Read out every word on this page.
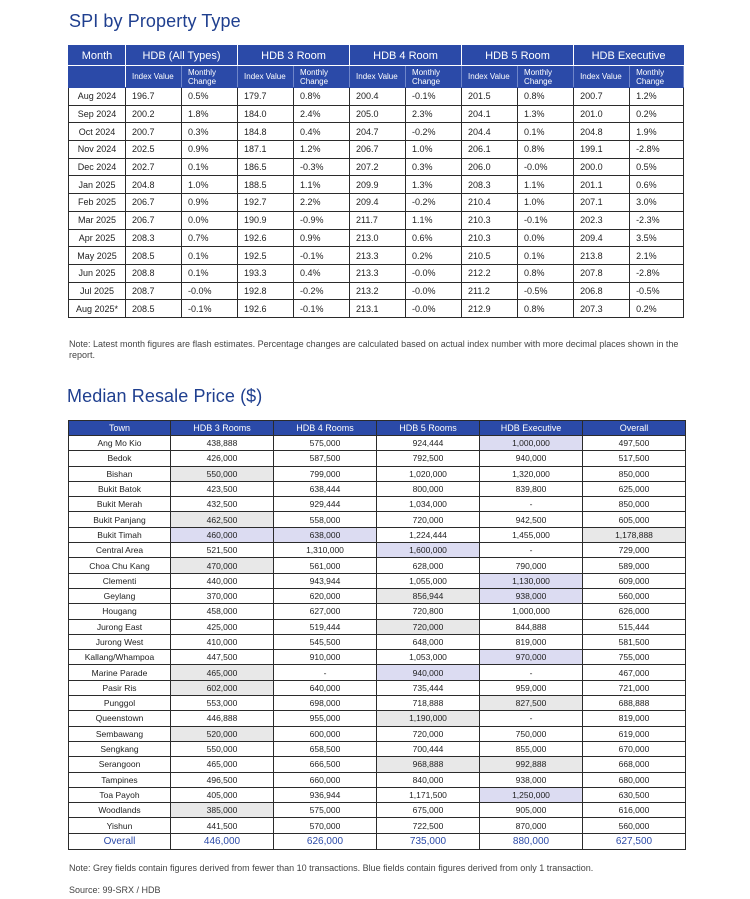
SPI by Property Type
Month	HDB (All Types)		HDB 3 Room		HDB 4 Room		HDB 5 Room		HDB Executive	
	Index Value	Monthly Change	Index Value	Monthly Change	Index Value	Monthly Change	Index Value	Monthly Change	Index Value	Monthly Change
Aug 2024	196.7	0.5%	179.7	0.8%	200.4	-0.1%	201.5	0.8%	200.7	1.2%
Sep 2024	200.2	1.8%	184.0	2.4%	205.0	2.3%	204.1	1.3%	201.0	0.2%
Oct 2024	200.7	0.3%	184.8	0.4%	204.7	-0.2%	204.4	0.1%	204.8	1.9%
Nov 2024	202.5	0.9%	187.1	1.2%	206.7	1.0%	206.1	0.8%	199.1	-2.8%
Dec 2024	202.7	0.1%	186.5	-0.3%	207.2	0.3%	206.0	-0.0%	200.0	0.5%
Jan 2025	204.8	1.0%	188.5	1.1%	209.9	1.3%	208.3	1.1%	201.1	0.6%
Feb 2025	206.7	0.9%	192.7	2.2%	209.4	-0.2%	210.4	1.0%	207.1	3.0%
Mar 2025	206.7	0.0%	190.9	-0.9%	211.7	1.1%	210.3	-0.1%	202.3	-2.3%
Apr 2025	208.3	0.7%	192.6	0.9%	213.0	0.6%	210.3	0.0%	209.4	3.5%
May 2025	208.5	0.1%	192.5	-0.1%	213.3	0.2%	210.5	0.1%	213.8	2.1%
Jun 2025	208.8	0.1%	193.3	0.4%	213.3	-0.0%	212.2	0.8%	207.8	-2.8%
Jul 2025	208.7	-0.0%	192.8	-0.2%	213.2	-0.0%	211.2	-0.5%	206.8	-0.5%
Aug 2025*	208.5	-0.1%	192.6	-0.1%	213.1	-0.0%	212.9	0.8%	207.3	0.2%

Note: Latest month figures are flash estimates. Percentage changes are calculated based on actual index number with more decimal places shown in the report.

Median Resale Price ($)
Town	HDB 3 Rooms	HDB 4 Rooms	HDB 5 Rooms	HDB Executive	Overall
Ang Mo Kio	438,888	575,000	924,444	1,000,000	497,500
Bedok	426,000	587,500	792,500	940,000	517,500
Bishan	550,000	799,000	1,020,000	1,320,000	850,000
Bukit Batok	423,500	638,444	800,000	839,800	625,000
Bukit Merah	432,500	929,444	1,034,000	-	850,000
Bukit Panjang	462,500	558,000	720,000	942,500	605,000
Bukit Timah	460,000	638,000	1,224,444	1,455,000	1,178,888
Central Area	521,500	1,310,000	1,600,000	-	729,000
Choa Chu Kang	470,000	561,000	628,000	790,000	589,000
Clementi	440,000	943,944	1,055,000	1,130,000	609,000
Geylang	370,000	620,000	856,944	938,000	560,000
Hougang	458,000	627,000	720,800	1,000,000	626,000
Jurong East	425,000	519,444	720,000	844,888	515,444
Jurong West	410,000	545,500	648,000	819,000	581,500
Kallang/Whampoa	447,500	910,000	1,053,000	970,000	755,000
Marine Parade	465,000	-	940,000	-	467,000
Pasir Ris	602,000	640,000	735,444	959,000	721,000
Punggol	553,000	698,000	718,888	827,500	688,888
Queenstown	446,888	955,000	1,190,000	-	819,000
Sembawang	520,000	600,000	720,000	750,000	619,000
Sengkang	550,000	658,500	700,444	855,000	670,000
Serangoon	465,000	666,500	968,888	992,888	668,000
Tampines	496,500	660,000	840,000	938,000	680,000
Toa Payoh	405,000	936,944	1,171,500	1,250,000	630,500
Woodlands	385,000	575,000	675,000	905,000	616,000
Yishun	441,500	570,000	722,500	870,000	560,000
Overall	446,000	626,000	735,000	880,000	627,500

Note: Grey fields contain figures derived from fewer than 10 transactions. Blue fields contain figures derived from only 1 transaction.

Source: 99-SRX / HDB
